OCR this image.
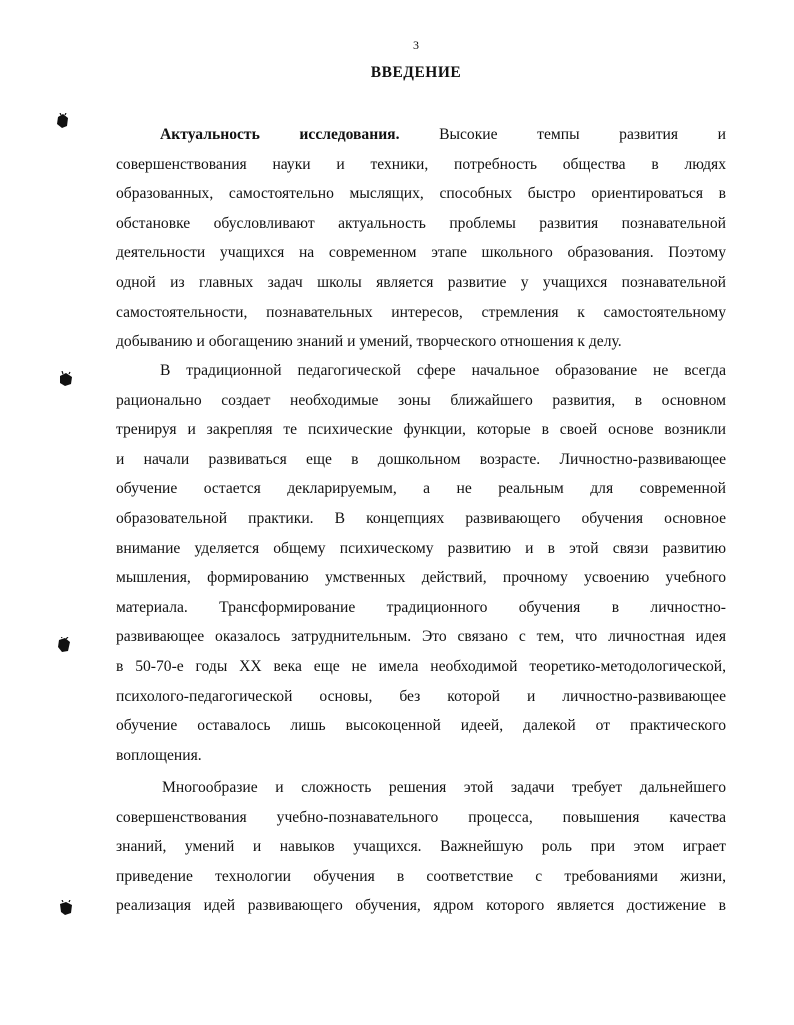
3
ВВЕДЕНИЕ
Актуальность исследования.	Высокие темпы развития и
совершенствования науки и техники, потребность общества в людях
образованных, самостоятельно мыслящих, способных быстро ориентироваться в
обстановке обусловливают актуальность проблемы развития познавательной
деятельности учащихся на современном этапе школьного образования. Поэтому
одной из главных задач школы является развитие у учащихся познавательной
самостоятельности, познавательных интересов, стремления к самостоятельному
добыванию и обогащению знаний и умений, творческого отношения к делу.
В традиционной педагогической сфере начальное образование не всегда
рационально создает необходимые зоны ближайшего развития, в основном
тренируя и закрепляя те психические функции, которые в своей основе возникли
и начали развиваться еще в дошкольном возрасте. Личностно-развивающее
обучение остается декларируемым, а не реальным для современной
образовательной практики. В концепциях развивающего обучения основное
внимание уделяется общему психическому развитию и в этой связи развитию
мышления, формированию умственных действий, прочному усвоению учебного
материала. Трансформирование традиционного обучения в личностно-
развивающее оказалось затруднительным. Это связано с тем, что личностная идея
в 50-70-е годы XX века еще не имела необходимой теоретико-методологической,
психолого-педагогической основы, без которой и личностно-развивающее
обучение оставалось лишь высокоценной идеей, далекой от практического
воплощения.
Многообразие и сложность решения этой задачи требует дальнейшего
совершенствования учебно-познавательного процесса, повышения качества
знаний, умений и навыков учащихся. Важнейшую роль при этом играет
приведение технологии обучения в соответствие с требованиями жизни,
реализация идей развивающего обучения, ядром которого является достижение в
